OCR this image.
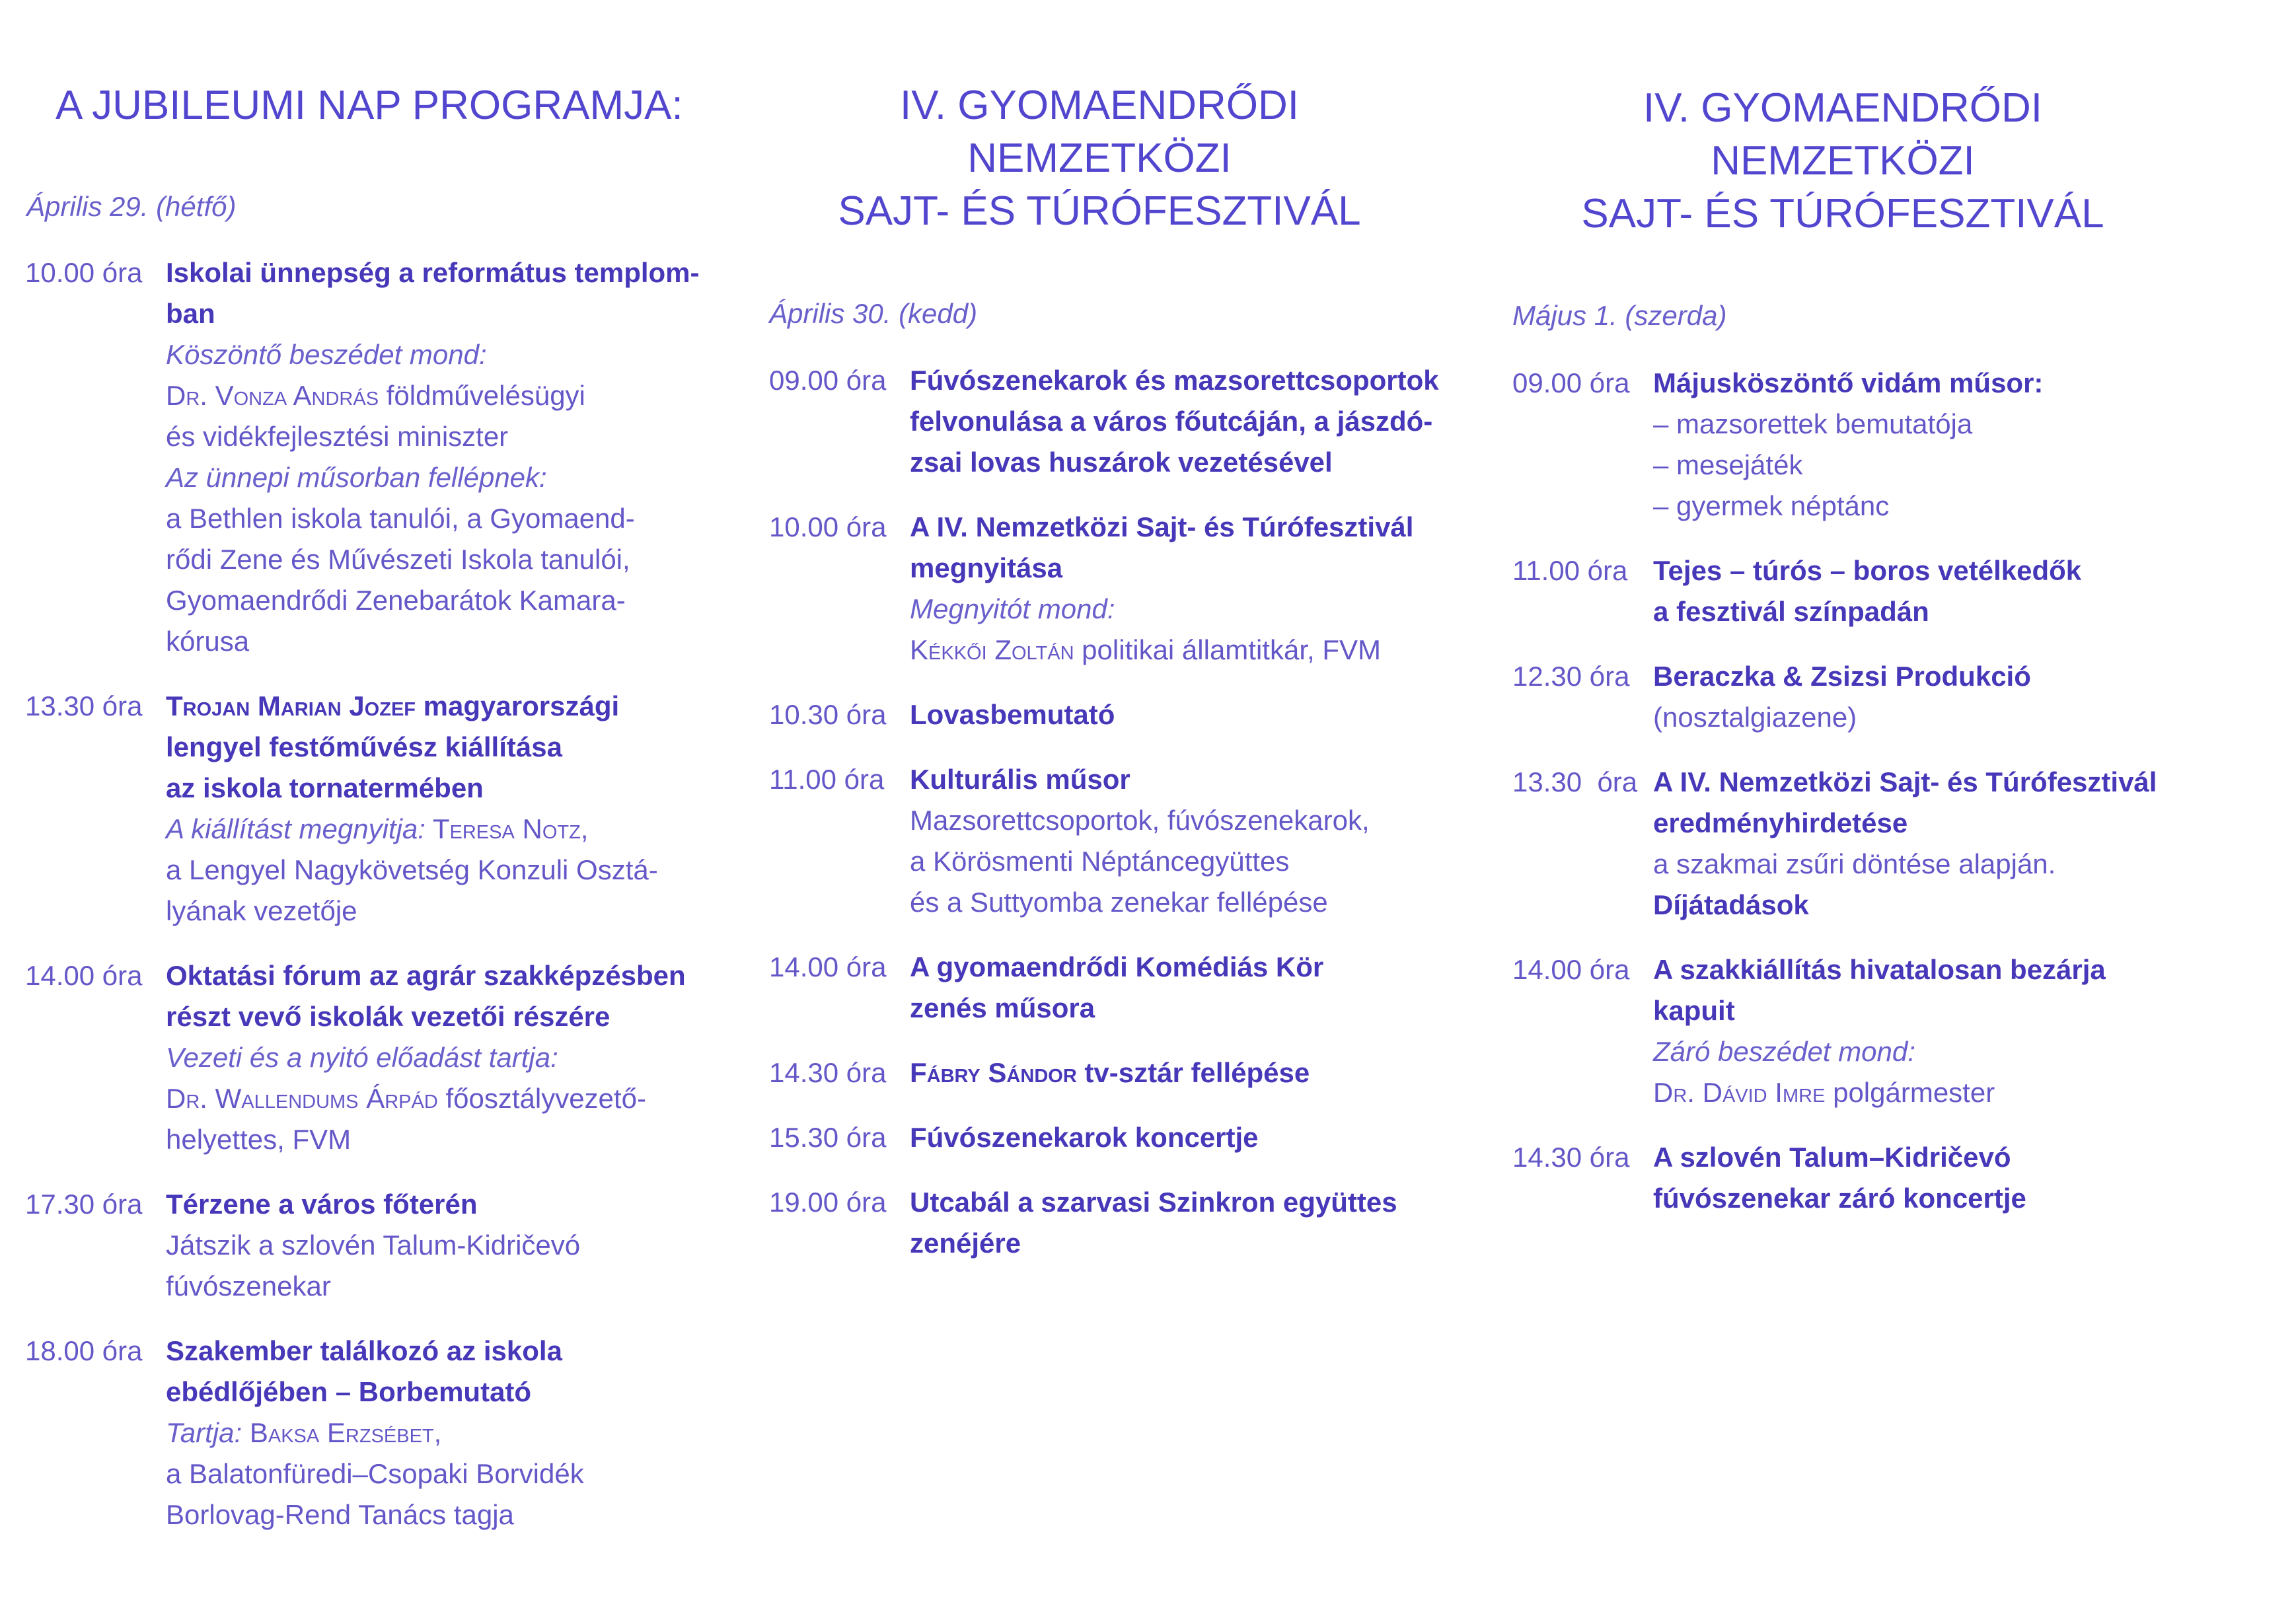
A JUBILEUMI NAP PROGRAMJA:
Április 29. (hétfő)
10.00 óra Iskolai ünnepség a református templom-
ban
Köszöntő beszédet mond:
Dr. Vonza András földművelésügyi
és vidékfejlesztési miniszter
Az ünnepi műsorban fellépnek:
a Bethlen iskola tanulói, a Gyomaend-
rődi Zene és Művészeti Iskola tanulói,
Gyomaendrődi Zenebarátok Kamara-
kórusa
13.30 óra Trojan Marian Jozef magyarországi
lengyel festőművész kiállítása
az iskola tornatermében
A kiállítást megnyitja: Teresa Notz,
a Lengyel Nagykövetség Konzuli Osztá-
lyának vezetője
14.00 óra Oktatási fórum az agrár szakképzésben
részt vevő iskolák vezetői részére
Vezeti és a nyitó előadást tartja:
Dr. Wallendums Árpád főosztályvezető-
helyettes, FVM
17.30 óra Térzene a város főterén
Játszik a szlovén Talum-Kidričevó
fúvószenekar
18.00 óra Szakember találkozó az iskola
ebédlőjében – Borbemutató
Tartja: Baksa Erzsébet,
a Balatonfüredi–Csopaki Borvidék
Borlovag-Rend Tanács tagja
IV. GYOMAENDRŐDI
NEMZETKÖZI
SAJT- ÉS TÚRÓFESZTIVÁL
Április 30. (kedd)
09.00 óra Fúvószenekarok és mazsorettcsoportok
felvonulása a város főutcáján, a jászdó-
zsai lovas huszárok vezetésével
10.00 óra A IV. Nemzetközi Sajt- és Túrófesztivál
megnyitása
Megnyitót mond:
Kékkői Zoltán politikai államtitkár, FVM
10.30 óra Lovasbemutató
11.00 óra Kulturális műsor
Mazsorettcsoportok, fúvószenekarok,
a Körösmenti Néptáncegyüttes
és a Suttyomba zenekar fellépése
14.00 óra A gyomaendrődi Komédiás Kör
zenés műsora
14.30 óra Fábry Sándor tv-sztár fellépése
15.30 óra Fúvószenekarok koncertje
19.00 óra Utcabál a szarvasi Szinkron együttes
zenéjére
IV. GYOMAENDRŐDI
NEMZETKÖZI
SAJT- ÉS TÚRÓFESZTIVÁL
Május 1. (szerda)
09.00 óra Májusköszöntő vidám műsor:
– mazsorettek bemutatója
– mesejáték
– gyermek néptánc
11.00 óra Tejes – túrós – boros vetélkedők
a fesztivál színpadán
12.30 óra Beraczka & Zsizsi Produkció
(nosztalgiazene)
13.30  óra A IV. Nemzetközi Sajt- és Túrófesztivál
eredményhirdetése
a szakmai zsűri döntése alapján.
Díjátadások
14.00 óra A szakkiállítás hivatalosan bezárja
kapuit
Záró beszédet mond:
Dr. Dávid Imre polgármester
14.30 óra A szlovén Talum–Kidričevó
fúvószenekar záró koncertje
